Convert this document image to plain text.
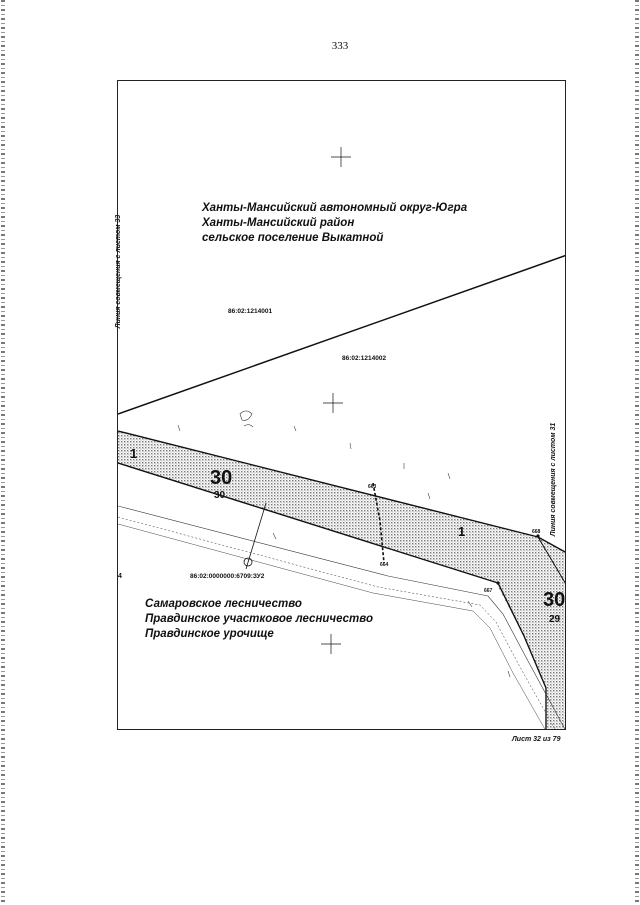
333
Ханты-Мансийский автономный округ-Югра
Ханты-Мансийский район
сельское поселение Выкатной
86:02:1214001
86:02:1214002
86:02:0000000:6709:ЗУ2
30
30
1
1
30
29
4
663
664
667
668
Самаровское лесничество
Правдинское участковое лесничество
Правдинское урочище
Линия совмещения с листом 33
Линия совмещения с листом 31
Лист 32 из 79
